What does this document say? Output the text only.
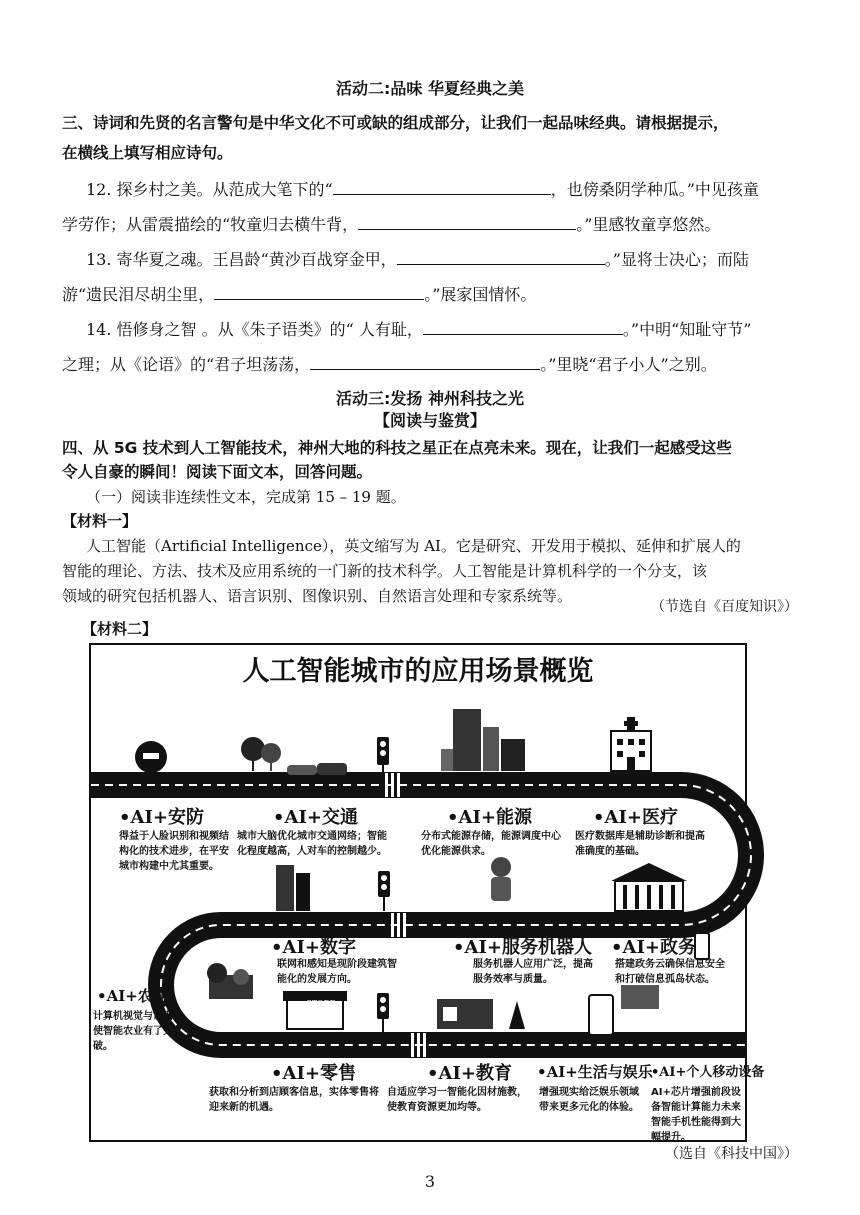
活动二:品味 华夏经典之美
三、诗词和先贤的名言警句是中华文化不可或缺的组成部分，让我们一起品味经典。请根据提示，
在横线上填写相应诗句。
12. 探乡村之美。从范成大笔下的“	，也傍桑阴学种瓜。”中见孩童
学劳作；从雷震描绘的“牧童归去横牛背，	。”里感牧童享悠然。
13. 寄华夏之魂。王昌龄“黄沙百战穿金甲，	。”显将士决心；而陆
游“遗民泪尽胡尘里，	。”展家国情怀。
14. 悟修身之智 。从《朱子语类》的“ 人有耻，	。”中明“知耻守节”
之理；从《论语》的“君子坦荡荡，	。”里晓“君子小人”之别。
活动三:发扬 神州科技之光
【阅读与鉴赏】
四、从 5G 技术到人工智能技术，神州大地的科技之星正在点亮未来。现在，让我们一起感受这些
令人自豪的瞬间！阅读下面文本，回答问题。
（一）阅读非连续性文本，完成第 15 – 19 题。
【材料一】
人工智能（Artificial Intelligence），英文缩写为 AI。它是研究、开发用于模拟、延伸和扩展人的
智能的理论、方法、技术及应用系统的一门新的技术科学。人工智能是计算机科学的一个分支，该
领域的研究包括机器人、语言识别、图像识别、自然语言处理和专家系统等。
（节选自《百度知识》）
【材料二】
人工智能城市的应用场景概览
STORE
•AI+安防
得益于人脸识别和视频结构化的技术进步，在平安城市构建中尤其重要。
•AI+交通
城市大脑优化城市交通网络；智能化程度越高，人对车的控制越少。
•AI+能源
分布式能源存储，能源调度中心优化能源供求。
•AI+医疗
医疗数据库是辅助诊断和提高准确度的基础。
•AI+数字
联网和感知是现阶段建筑智能化的发展方向。
•AI+服务机器人
服务机器人应用广泛，提高服务效率与质量。
•AI+政务
搭建政务云确保信息安全和打破信息孤岛状态。
•AI+农业
计算机视觉与识别是使智能农业有了突破。
•AI+零售
获取和分析到店顾客信息，实体零售将迎来新的机遇。
•AI+教育
自适应学习一智能化因材施教，使教育资源更加均等。
•AI+生活与娱乐
增强现实给泛娱乐领域带来更多元化的体验。
•AI+个人移动设备
AI+芯片增强前段设备智能计算能力未来智能手机性能得到大幅提升。
（选自《科技中国》）
3
